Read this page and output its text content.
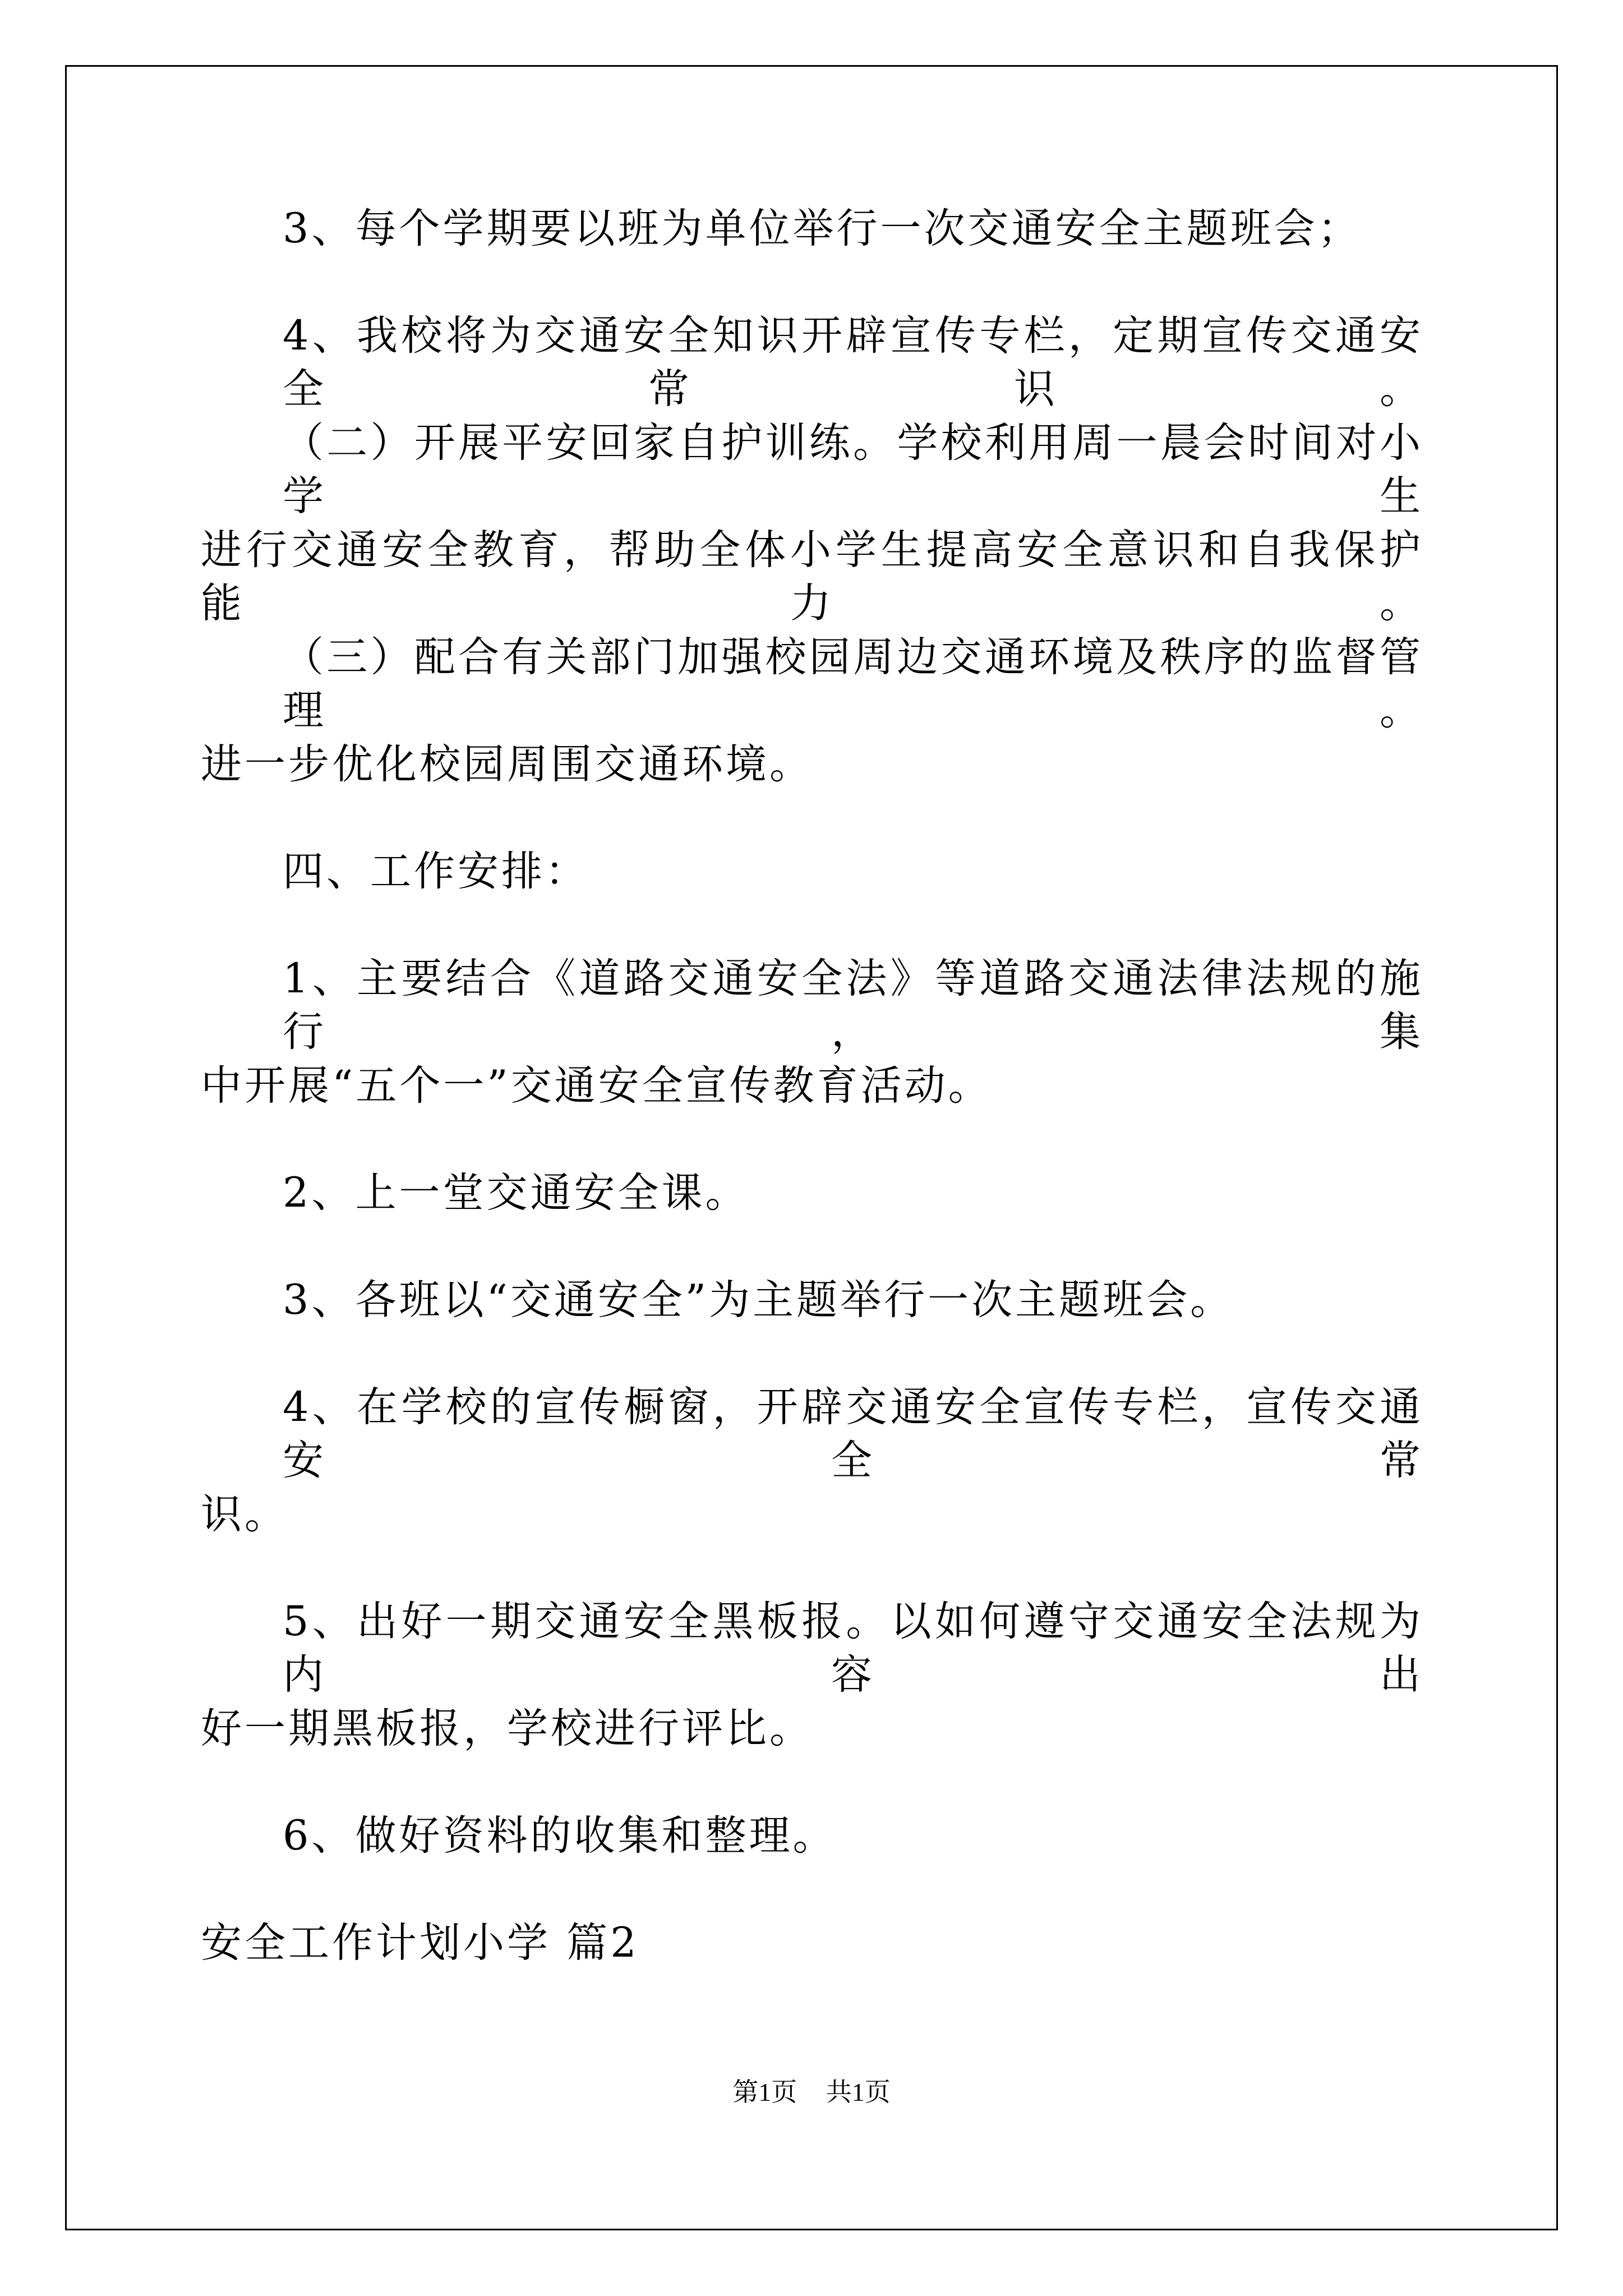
3、每个学期要以班为单位举行一次交通安全主题班会；
4、我校将为交通安全知识开辟宣传专栏，定期宣传交通安全常识。
（二）开展平安回家自护训练。学校利用周一晨会时间对小学生
进行交通安全教育，帮助全体小学生提高安全意识和自我保护能力。
（三）配合有关部门加强校园周边交通环境及秩序的监督管理。
进一步优化校园周围交通环境。
四、工作安排：
1、主要结合《道路交通安全法》等道路交通法律法规的施行，集
中开展“五个一”交通安全宣传教育活动。
2、上一堂交通安全课。
3、各班以“交通安全”为主题举行一次主题班会。
4、在学校的宣传橱窗，开辟交通安全宣传专栏，宣传交通安全常
识。
5、出好一期交通安全黑板报。以如何遵守交通安全法规为内容出
好一期黑板报，学校进行评比。
6、做好资料的收集和整理。
安全工作计划小学 篇2
第1页 共1页
